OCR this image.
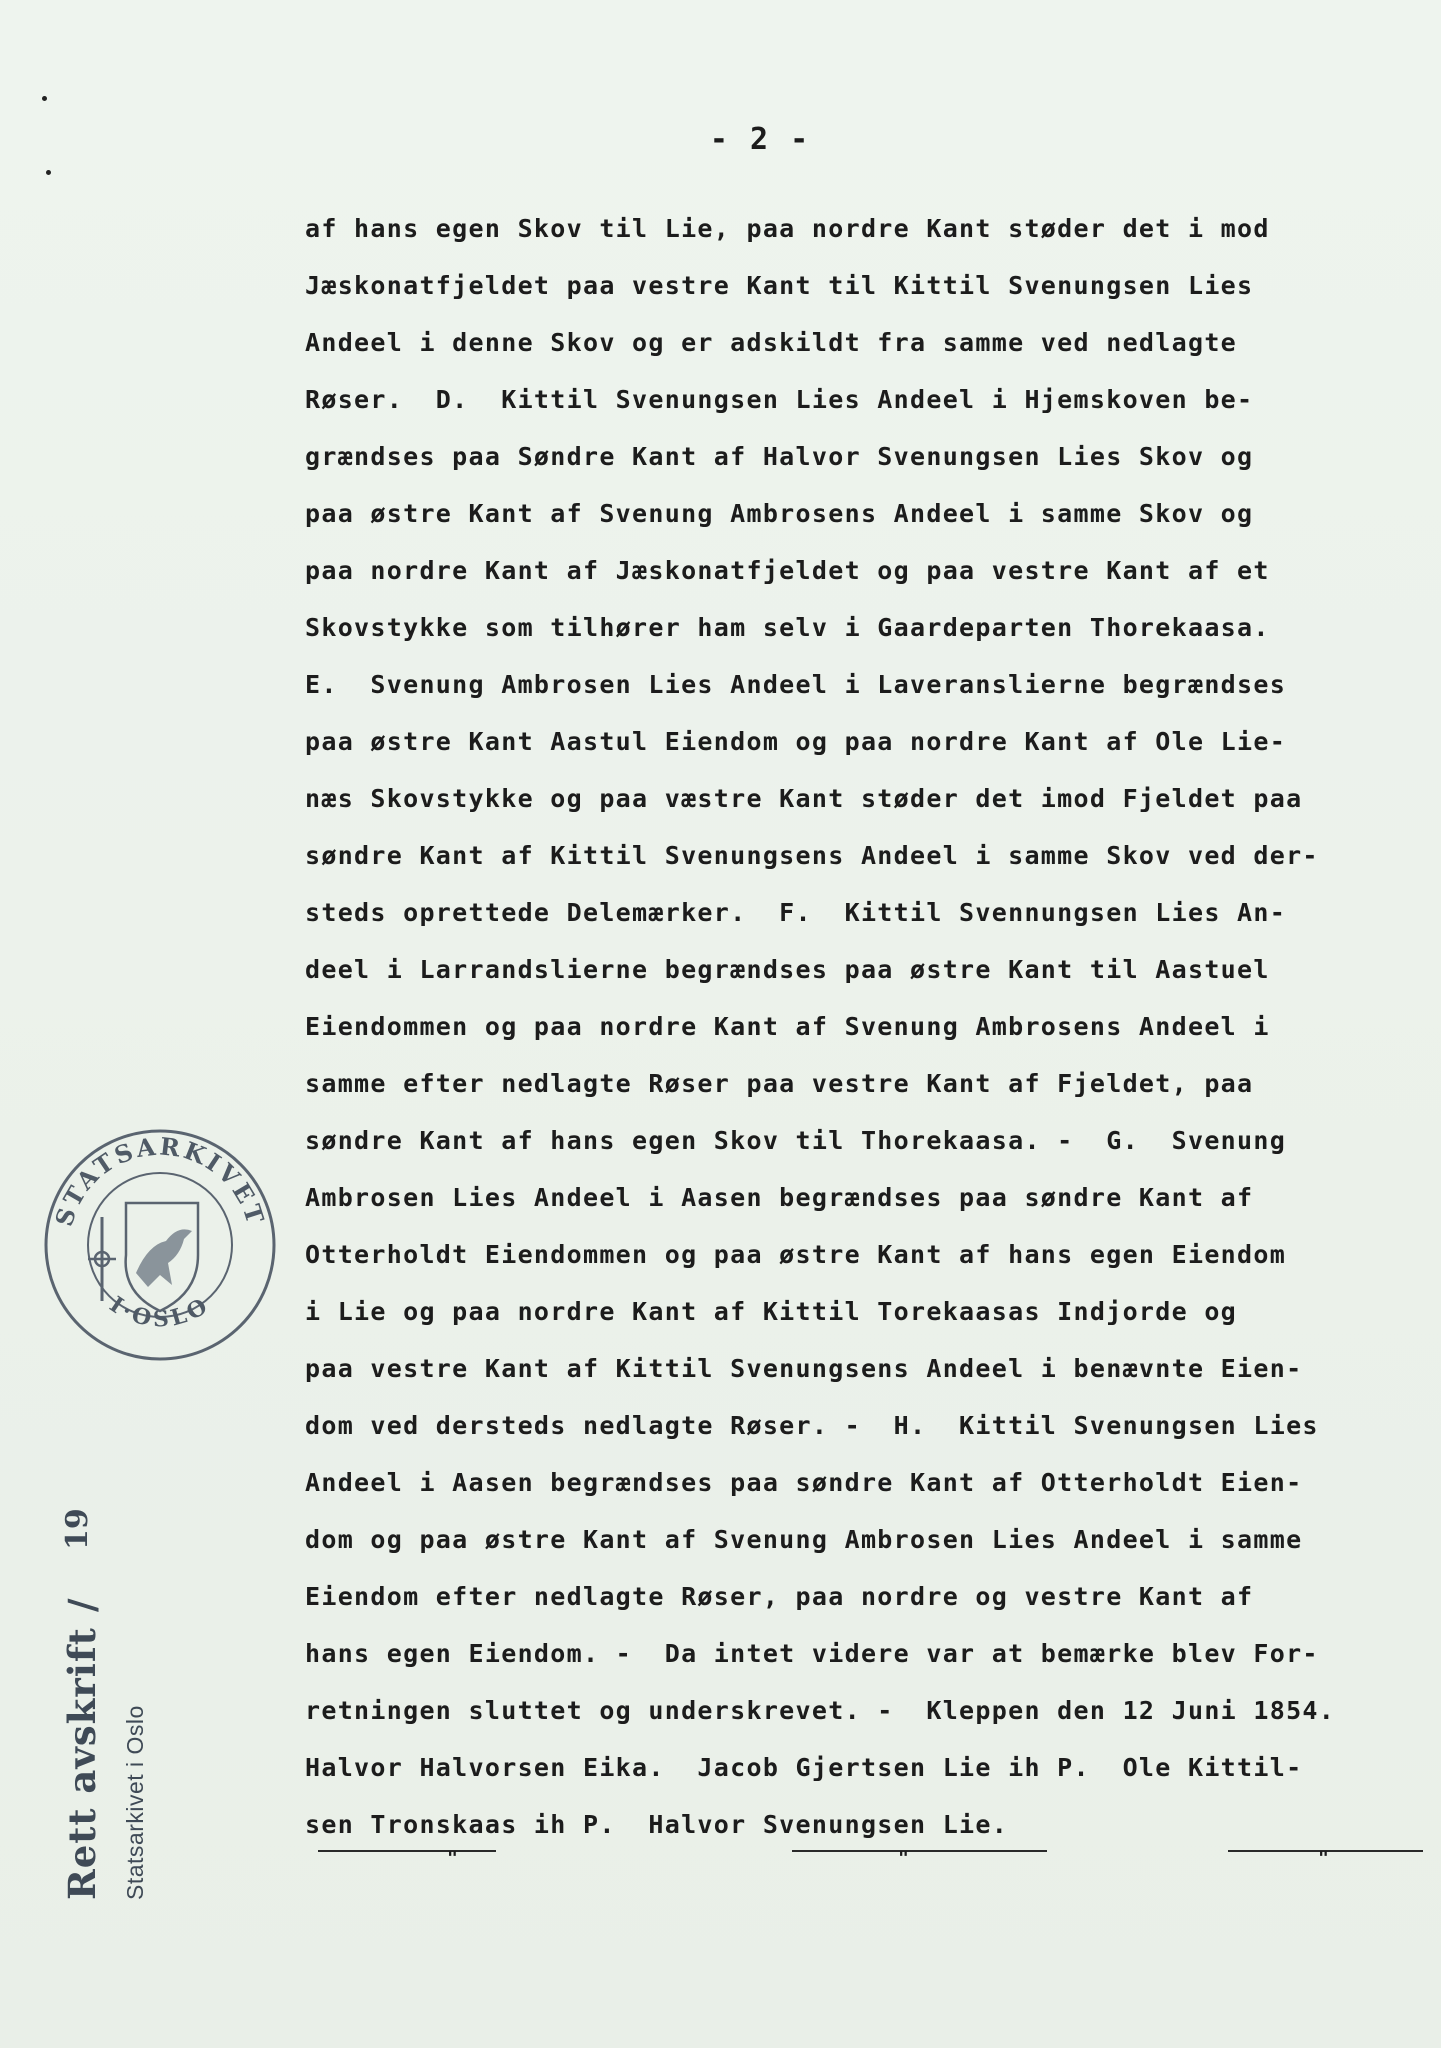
- 2 -
af hans egen Skov til Lie, paa nordre Kant støder det i mod
Jæskonatfjeldet paa vestre Kant til Kittil Svenungsen Lies
Andeel i denne Skov og er adskildt fra samme ved nedlagte
Røser.  D.  Kittil Svenungsen Lies Andeel i Hjemskoven be-
grændses paa Søndre Kant af Halvor Svenungsen Lies Skov og
paa østre Kant af Svenung Ambrosens Andeel i samme Skov og
paa nordre Kant af Jæskonatfjeldet og paa vestre Kant af et
Skovstykke som tilhører ham selv i Gaardeparten Thorekaasa.
E.  Svenung Ambrosen Lies Andeel i Laveranslierne begrændses
paa østre Kant Aastul Eiendom og paa nordre Kant af Ole Lie-
næs Skovstykke og paa væstre Kant støder det imod Fjeldet paa
søndre Kant af Kittil Svenungsens Andeel i samme Skov ved der-
steds oprettede Delemærker.  F.  Kittil Svennungsen Lies An-
deel i Larrandslierne begrændses paa østre Kant til Aastuel
Eiendommen og paa nordre Kant af Svenung Ambrosens Andeel i
samme efter nedlagte Røser paa vestre Kant af Fjeldet, paa
søndre Kant af hans egen Skov til Thorekaasa. -  G.  Svenung
Ambrosen Lies Andeel i Aasen begrændses paa søndre Kant af
Otterholdt Eiendommen og paa østre Kant af hans egen Eiendom
i Lie og paa nordre Kant af Kittil Torekaasas Indjorde og
paa vestre Kant af Kittil Svenungsens Andeel i benævnte Eien-
dom ved dersteds nedlagte Røser. -  H.  Kittil Svenungsen Lies
Andeel i Aasen begrændses paa søndre Kant af Otterholdt Eien-
dom og paa østre Kant af Svenung Ambrosen Lies Andeel i samme
Eiendom efter nedlagte Røser, paa nordre og vestre Kant af
hans egen Eiendom. -  Da intet videre var at bemærke blev For-
retningen sluttet og underskrevet. -  Kleppen den 12 Juni 1854.
Halvor Halvorsen Eika.  Jacob Gjertsen Lie ih P.  Ole Kittil-
sen Tronskaas ih P.  Halvor Svenungsen Lie.
STATSARKIVET
I·OSLO
Rett avskrift
/
19
Statsarkivet i Oslo	"	"	"
